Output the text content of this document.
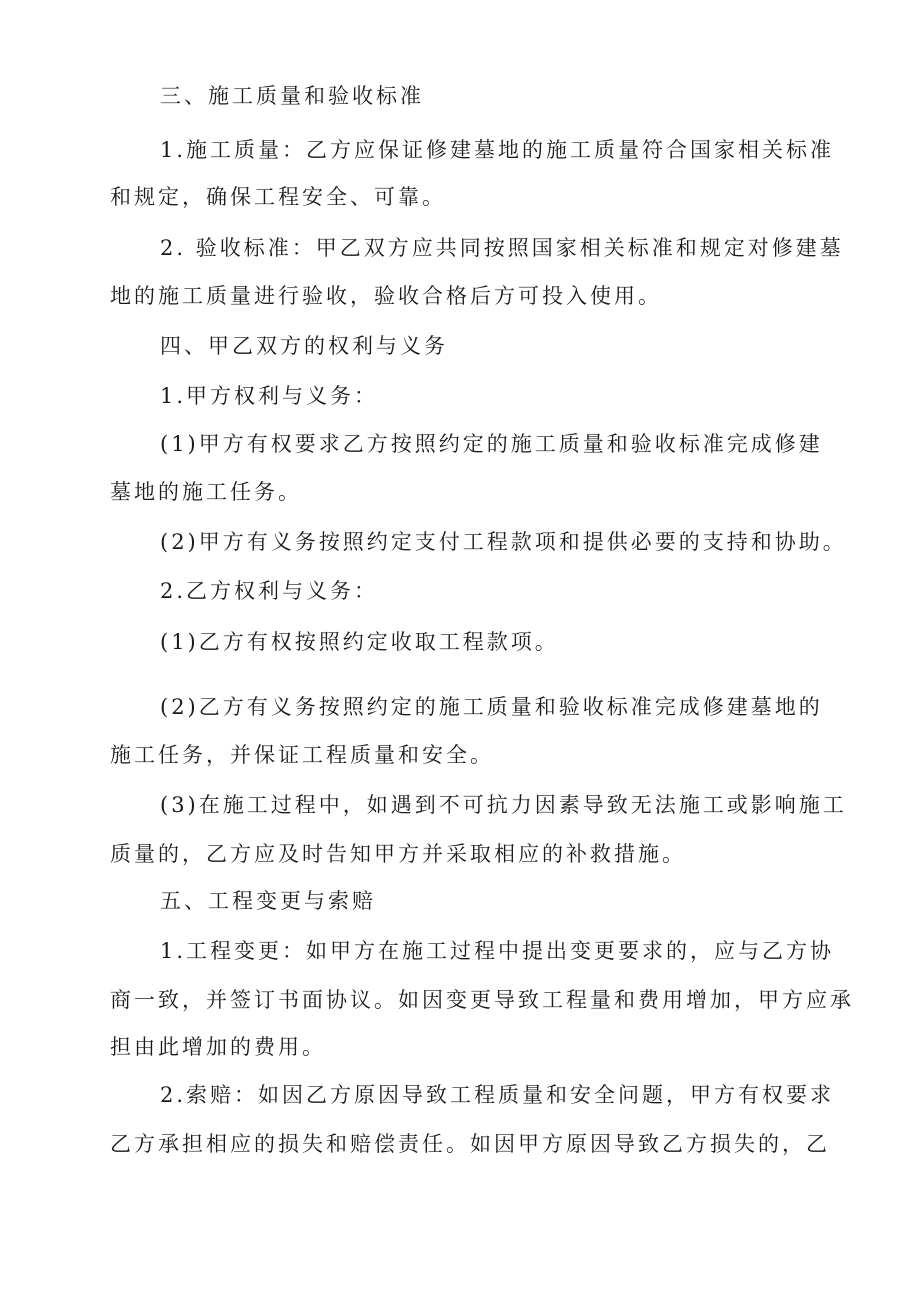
三、施工质量和验收标准
1.施工质量：乙方应保证修建墓地的施工质量符合国家相关标准
和规定，确保工程安全、可靠。
2. 验收标准：甲乙双方应共同按照国家相关标准和规定对修建墓
地的施工质量进行验收，验收合格后方可投入使用。
四、甲乙双方的权利与义务
1.甲方权利与义务：
(1)甲方有权要求乙方按照约定的施工质量和验收标准完成修建
墓地的施工任务。
(2)甲方有义务按照约定支付工程款项和提供必要的支持和协助。
2.乙方权利与义务：
(1)乙方有权按照约定收取工程款项。
(2)乙方有义务按照约定的施工质量和验收标准完成修建墓地的
施工任务，并保证工程质量和安全。
(3)在施工过程中，如遇到不可抗力因素导致无法施工或影响施工
质量的，乙方应及时告知甲方并采取相应的补救措施。
五、工程变更与索赔
1.工程变更：如甲方在施工过程中提出变更要求的，应与乙方协
商一致，并签订书面协议。如因变更导致工程量和费用增加，甲方应承
担由此增加的费用。
2.索赔：如因乙方原因导致工程质量和安全问题，甲方有权要求
乙方承担相应的损失和赔偿责任。如因甲方原因导致乙方损失的，乙
